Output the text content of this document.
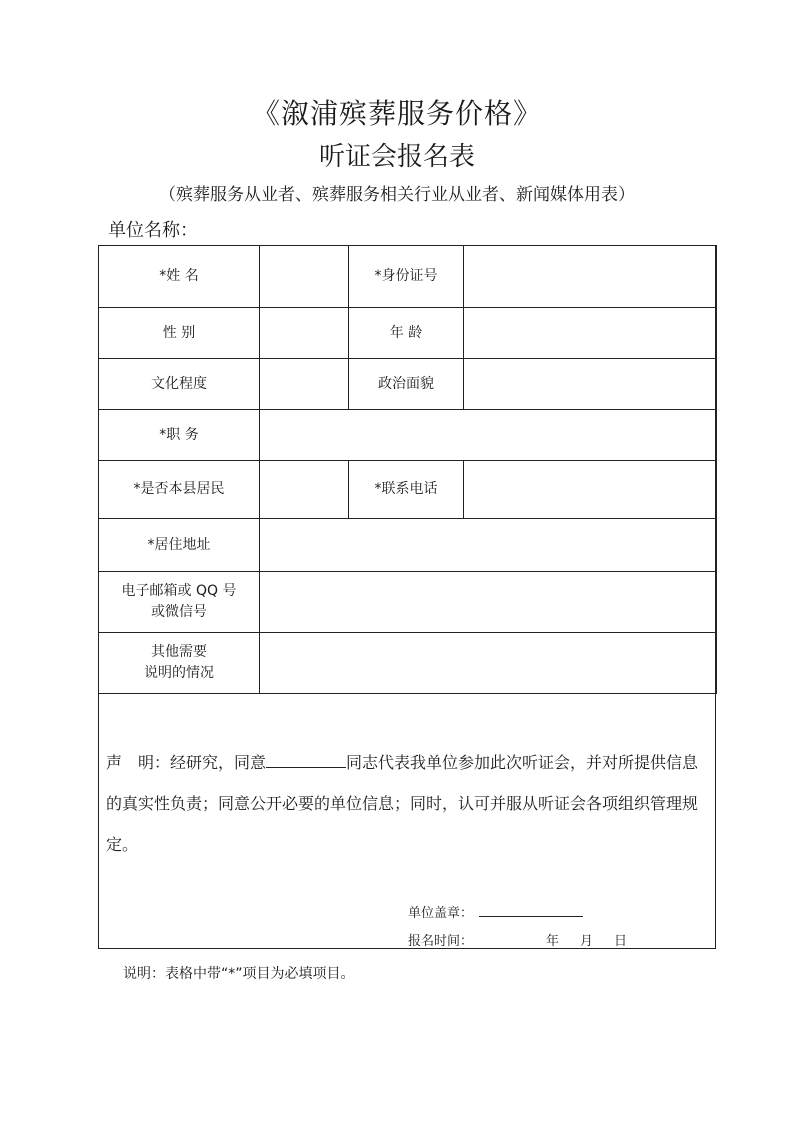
《溆浦殡葬服务价格》
听证会报名表
（殡葬服务从业者、殡葬服务相关行业从业者、新闻媒体用表）
单位名称：
*姓 名		*身份证号	
性 别		年 龄	
文化程度		政治面貌	
*职 务			
*是否本县居民		*联系电话	
*居住地址			

电子邮箱或 QQ 号
或微信号			

其他需要
说明的情况			

声　明：经研究，同意	同志代表我单位参加此次听证会，并对所提供信息的真实性负责；同意公开必要的单位信息；同时，认可并服从听证会各项组织管理规定。
单位盖章：
报名时间：	年 月 日
说明：表格中带“*”项目为必填项目。
